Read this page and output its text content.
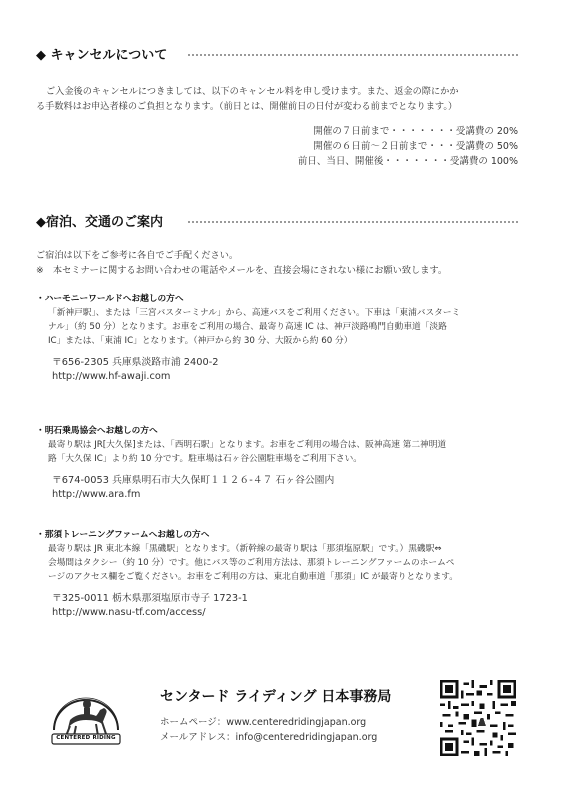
◆ キャンセルについて

ご入金後のキャンセルにつきましては、以下のキャンセル料を申し受けます。また、返金の際にかか

る手数料はお申込者様のご負担となります。（前日とは、開催前日の日付が変わる前までとなります。）

開催の７日前まで・・・・・・・受講費の 20%
開催の６日前～２日前まで・・・受講費の 50%
前日、当日、開催後・・・・・・・受講費の 100%
◆宿泊、交通のご案内

ご宿泊は以下をご参考に各自でご手配ください。

※　本セミナーに関するお問い合わせの電話やメールを、直接会場にされない様にお願い致します。

・ハーモニーワールドへお越しの方へ
「新神戸駅」、または「三宮バスターミナル」から、高速バスをご利用ください。下車は「東浦バスターミ
ナル」（約 50 分）となります。お車をご利用の場合、最寄り高速 IC は、神戸淡路鳴門自動車道「淡路
IC」または、「東浦 IC」となります。（神戸から約 30 分、大阪から約 60 分）
〒656-2305 兵庫県淡路市浦 2400-2
http://www.hf-awaji.com
・明石乗馬協会へお越しの方へ
最寄り駅は JR[大久保]または、「西明石駅」となります。お車をご利用の場合は、阪神高速 第二神明道
路「大久保 IC」より約 10 分です。駐車場は石ヶ谷公園駐車場をご利用下さい。
〒674-0053 兵庫県明石市大久保町１１２６-４７ 石ヶ谷公園内
http://www.ara.fm
・那須トレーニングファームへお越しの方へ
最寄り駅は JR 東北本線「黒磯駅」となります。（新幹線の最寄り駅は「那須塩原駅」です。）黒磯駅⇔
会場間はタクシー（約 10 分）です。他にバス等のご利用方法は、那須トレーニングファームのホームペ
ージのアクセス欄をご覧ください。お車をご利用の方は、東北自動車道「那須」IC が最寄りとなります。
〒325-0011 栃木県那須塩原市寺子 1723-1
http://www.nasu-tf.com/access/
CENTERED RIDING
センタード ライディング 日本事務局
ホームページ：www.centeredridingjapan.org
メールアドレス：info@centeredridingjapan.org
